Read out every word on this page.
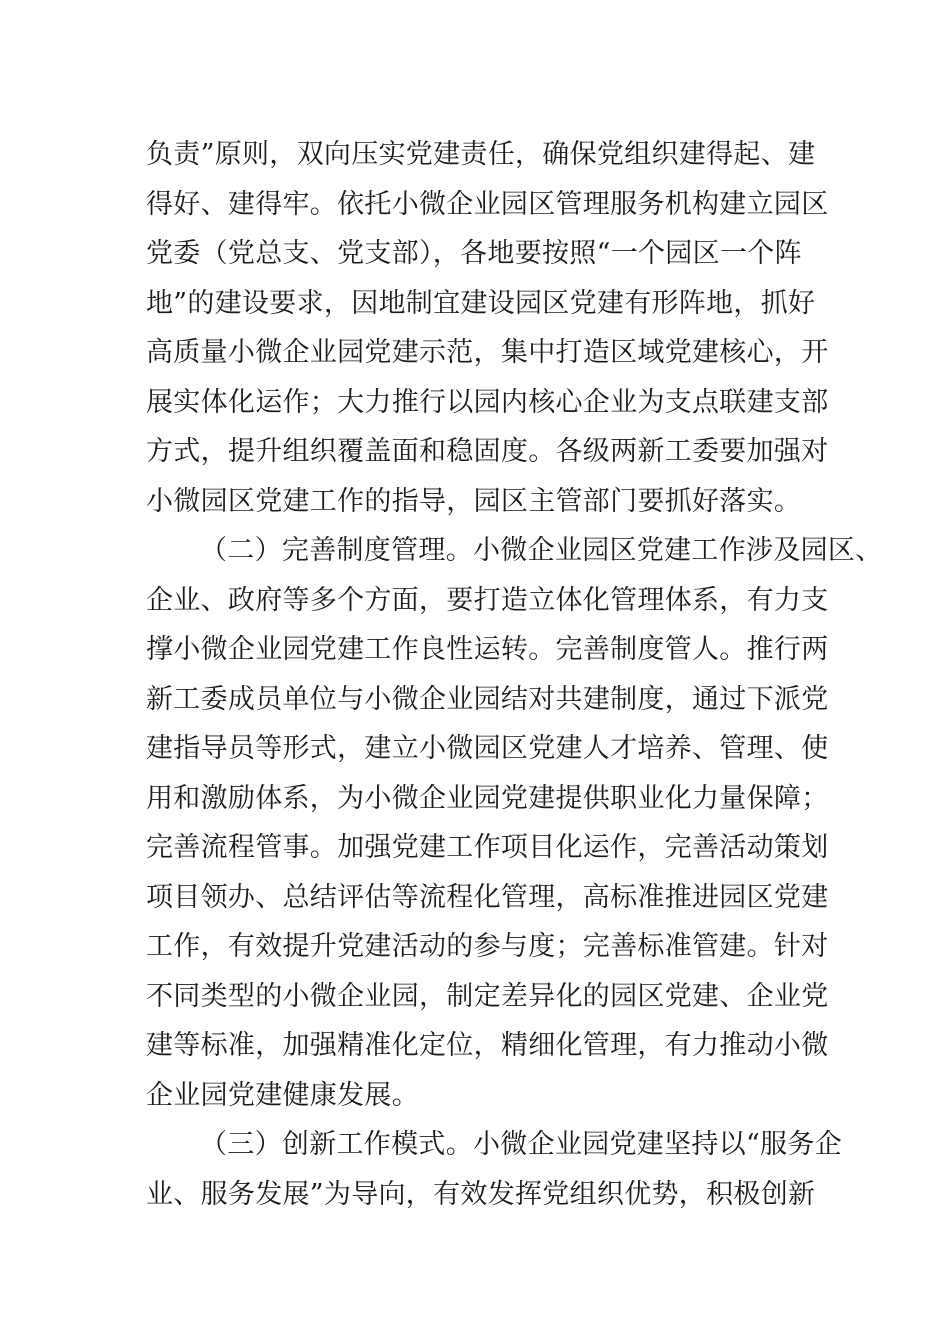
负责”原则，双向压实党建责任，确保党组织建得起、建
得好、建得牢。依托小微企业园区管理服务机构建立园区
党委（党总支、党支部），各地要按照“一个园区一个阵
地”的建设要求，因地制宜建设园区党建有形阵地，抓好
高质量小微企业园党建示范，集中打造区域党建核心，开
展实体化运作；大力推行以园内核心企业为支点联建支部
方式，提升组织覆盖面和稳固度。各级两新工委要加强对
小微园区党建工作的指导，园区主管部门要抓好落实。
（二）完善制度管理。小微企业园区党建工作涉及园区、
企业、政府等多个方面，要打造立体化管理体系，有力支
撑小微企业园党建工作良性运转。完善制度管人。推行两
新工委成员单位与小微企业园结对共建制度，通过下派党
建指导员等形式，建立小微园区党建人才培养、管理、使
用和激励体系，为小微企业园党建提供职业化力量保障；
完善流程管事。加强党建工作项目化运作，完善活动策划
项目领办、总结评估等流程化管理，高标准推进园区党建
工作，有效提升党建活动的参与度；完善标准管建。针对
不同类型的小微企业园，制定差异化的园区党建、企业党
建等标准，加强精准化定位，精细化管理，有力推动小微
企业园党建健康发展。
（三）创新工作模式。小微企业园党建坚持以“服务企
业、服务发展”为导向，有效发挥党组织优势，积极创新
